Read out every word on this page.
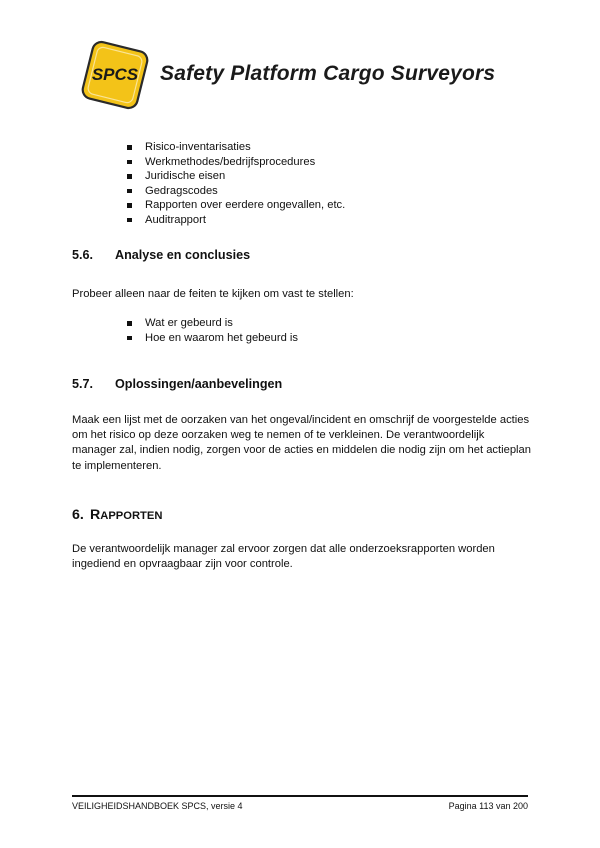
SPCS Safety Platform Cargo Surveyors
Risico-inventarisaties
Werkmethodes/bedrijfsprocedures
Juridische eisen
Gedragscodes
Rapporten over eerdere ongevallen, etc.
Auditrapport
5.6. Analyse en conclusies

Probeer alleen naar de feiten te kijken om vast te stellen:

Wat er gebeurd is
Hoe en waarom het gebeurd is
5.7. Oplossingen/aanbevelingen

Maak een lijst met de oorzaken van het ongeval/incident en omschrijf de voorgestelde acties
om het risico op deze oorzaken weg te nemen of te verkleinen. De verantwoordelijk
manager zal, indien nodig, zorgen voor de acties en middelen die nodig zijn om het actieplan
te implementeren.

6. RAPPORTEN

De verantwoordelijk manager zal ervoor zorgen dat alle onderzoeksrapporten worden
ingediend en opvraagbaar zijn voor controle.

VEILIGHEIDSHANDBOEK SPCS, versie 4	Pagina 113 van 200
